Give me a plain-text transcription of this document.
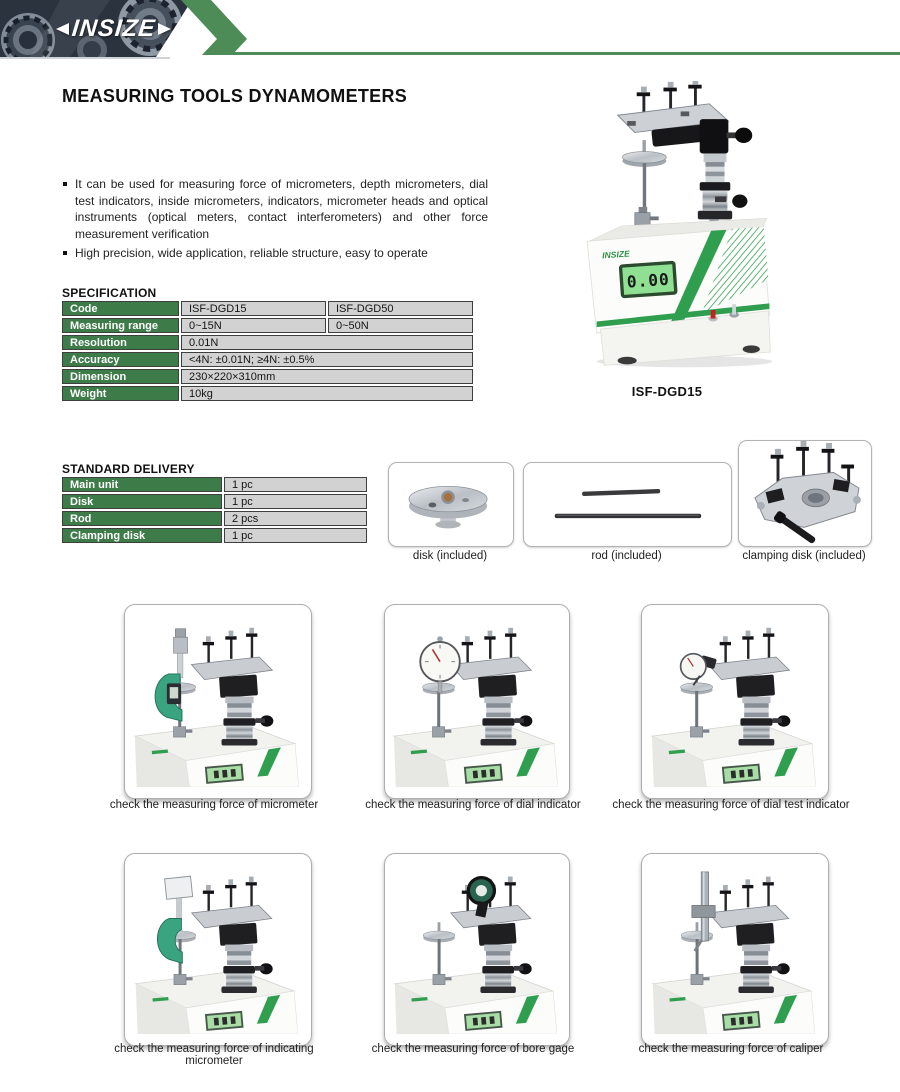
INSIZE
MEASURING TOOLS DYNAMOMETERS
It can be used for measuring force of micrometers, depth micrometers, dial test indicators, inside micrometers, indicators, micrometer heads and optical instruments (optical meters, contact interferometers) and other force measurement verification
High precision, wide application, reliable structure, easy to operate
SPECIFICATION
Code	ISF-DGD15	ISF-DGD50
Measuring range	0~15N	0~50N
Resolution	0.01N	
Accuracy	<4N: ±0.01N; ≥4N: ±0.5%	
Dimension	230×220×310mm	
Weight	10kg	
INSIZE
0.00
ISF-DGD15
STANDARD DELIVERY
Main unit	1 pc
Disk	1 pc
Rod	2 pcs
Clamping disk	1 pc
disk (included)	rod (included)	clamping disk (included)
check the measuring force of micrometer	check the measuring force of dial indicator	check the measuring force of dial test indicator
check the measuring force of indicating micrometer
check the measuring force of bore gage	check the measuring force of caliper
